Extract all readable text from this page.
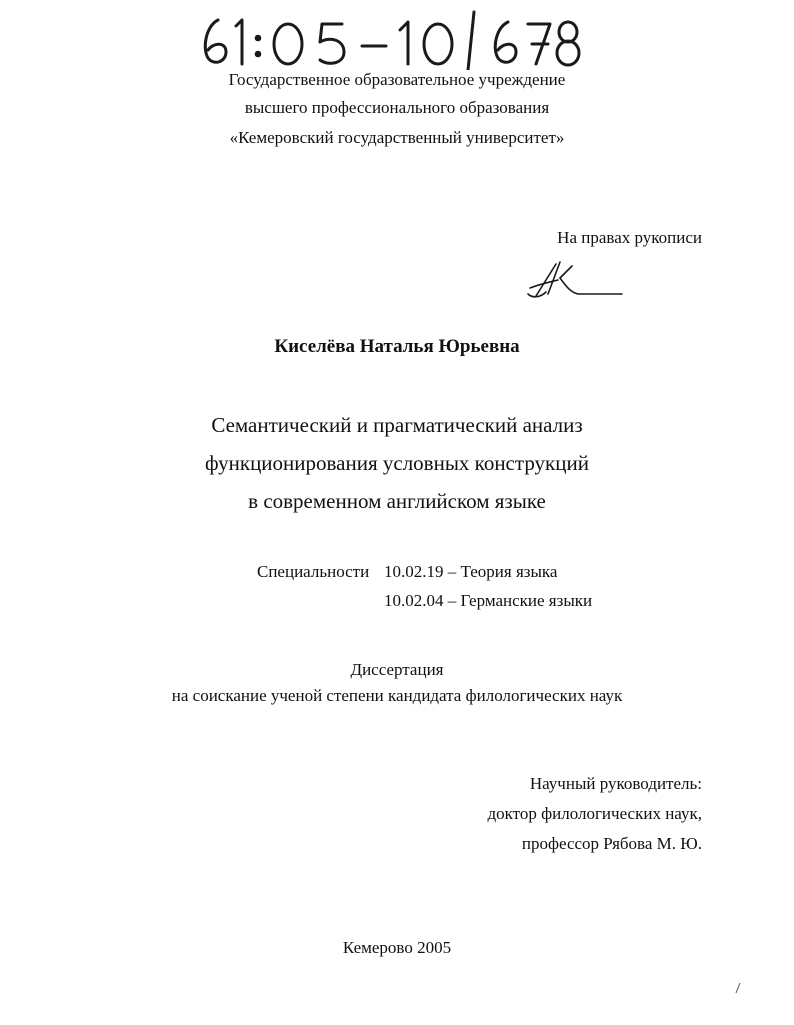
Государственное образовательное учреждение
высшего профессионального образования
«Кемеровский государственный университет»
На правах рукописи
Киселёва Наталья Юрьевна
Семантический и прагматический анализ
функционирования условных конструкций
в современном английском языке
Специальности 10.02.19 – Теория языка
10.02.04 – Германские языки
Диссертация
на соискание ученой степени кандидата филологических наук
Научный руководитель:
доктор филологических наук,
профессор Рябова М. Ю.
Кемерово 2005
